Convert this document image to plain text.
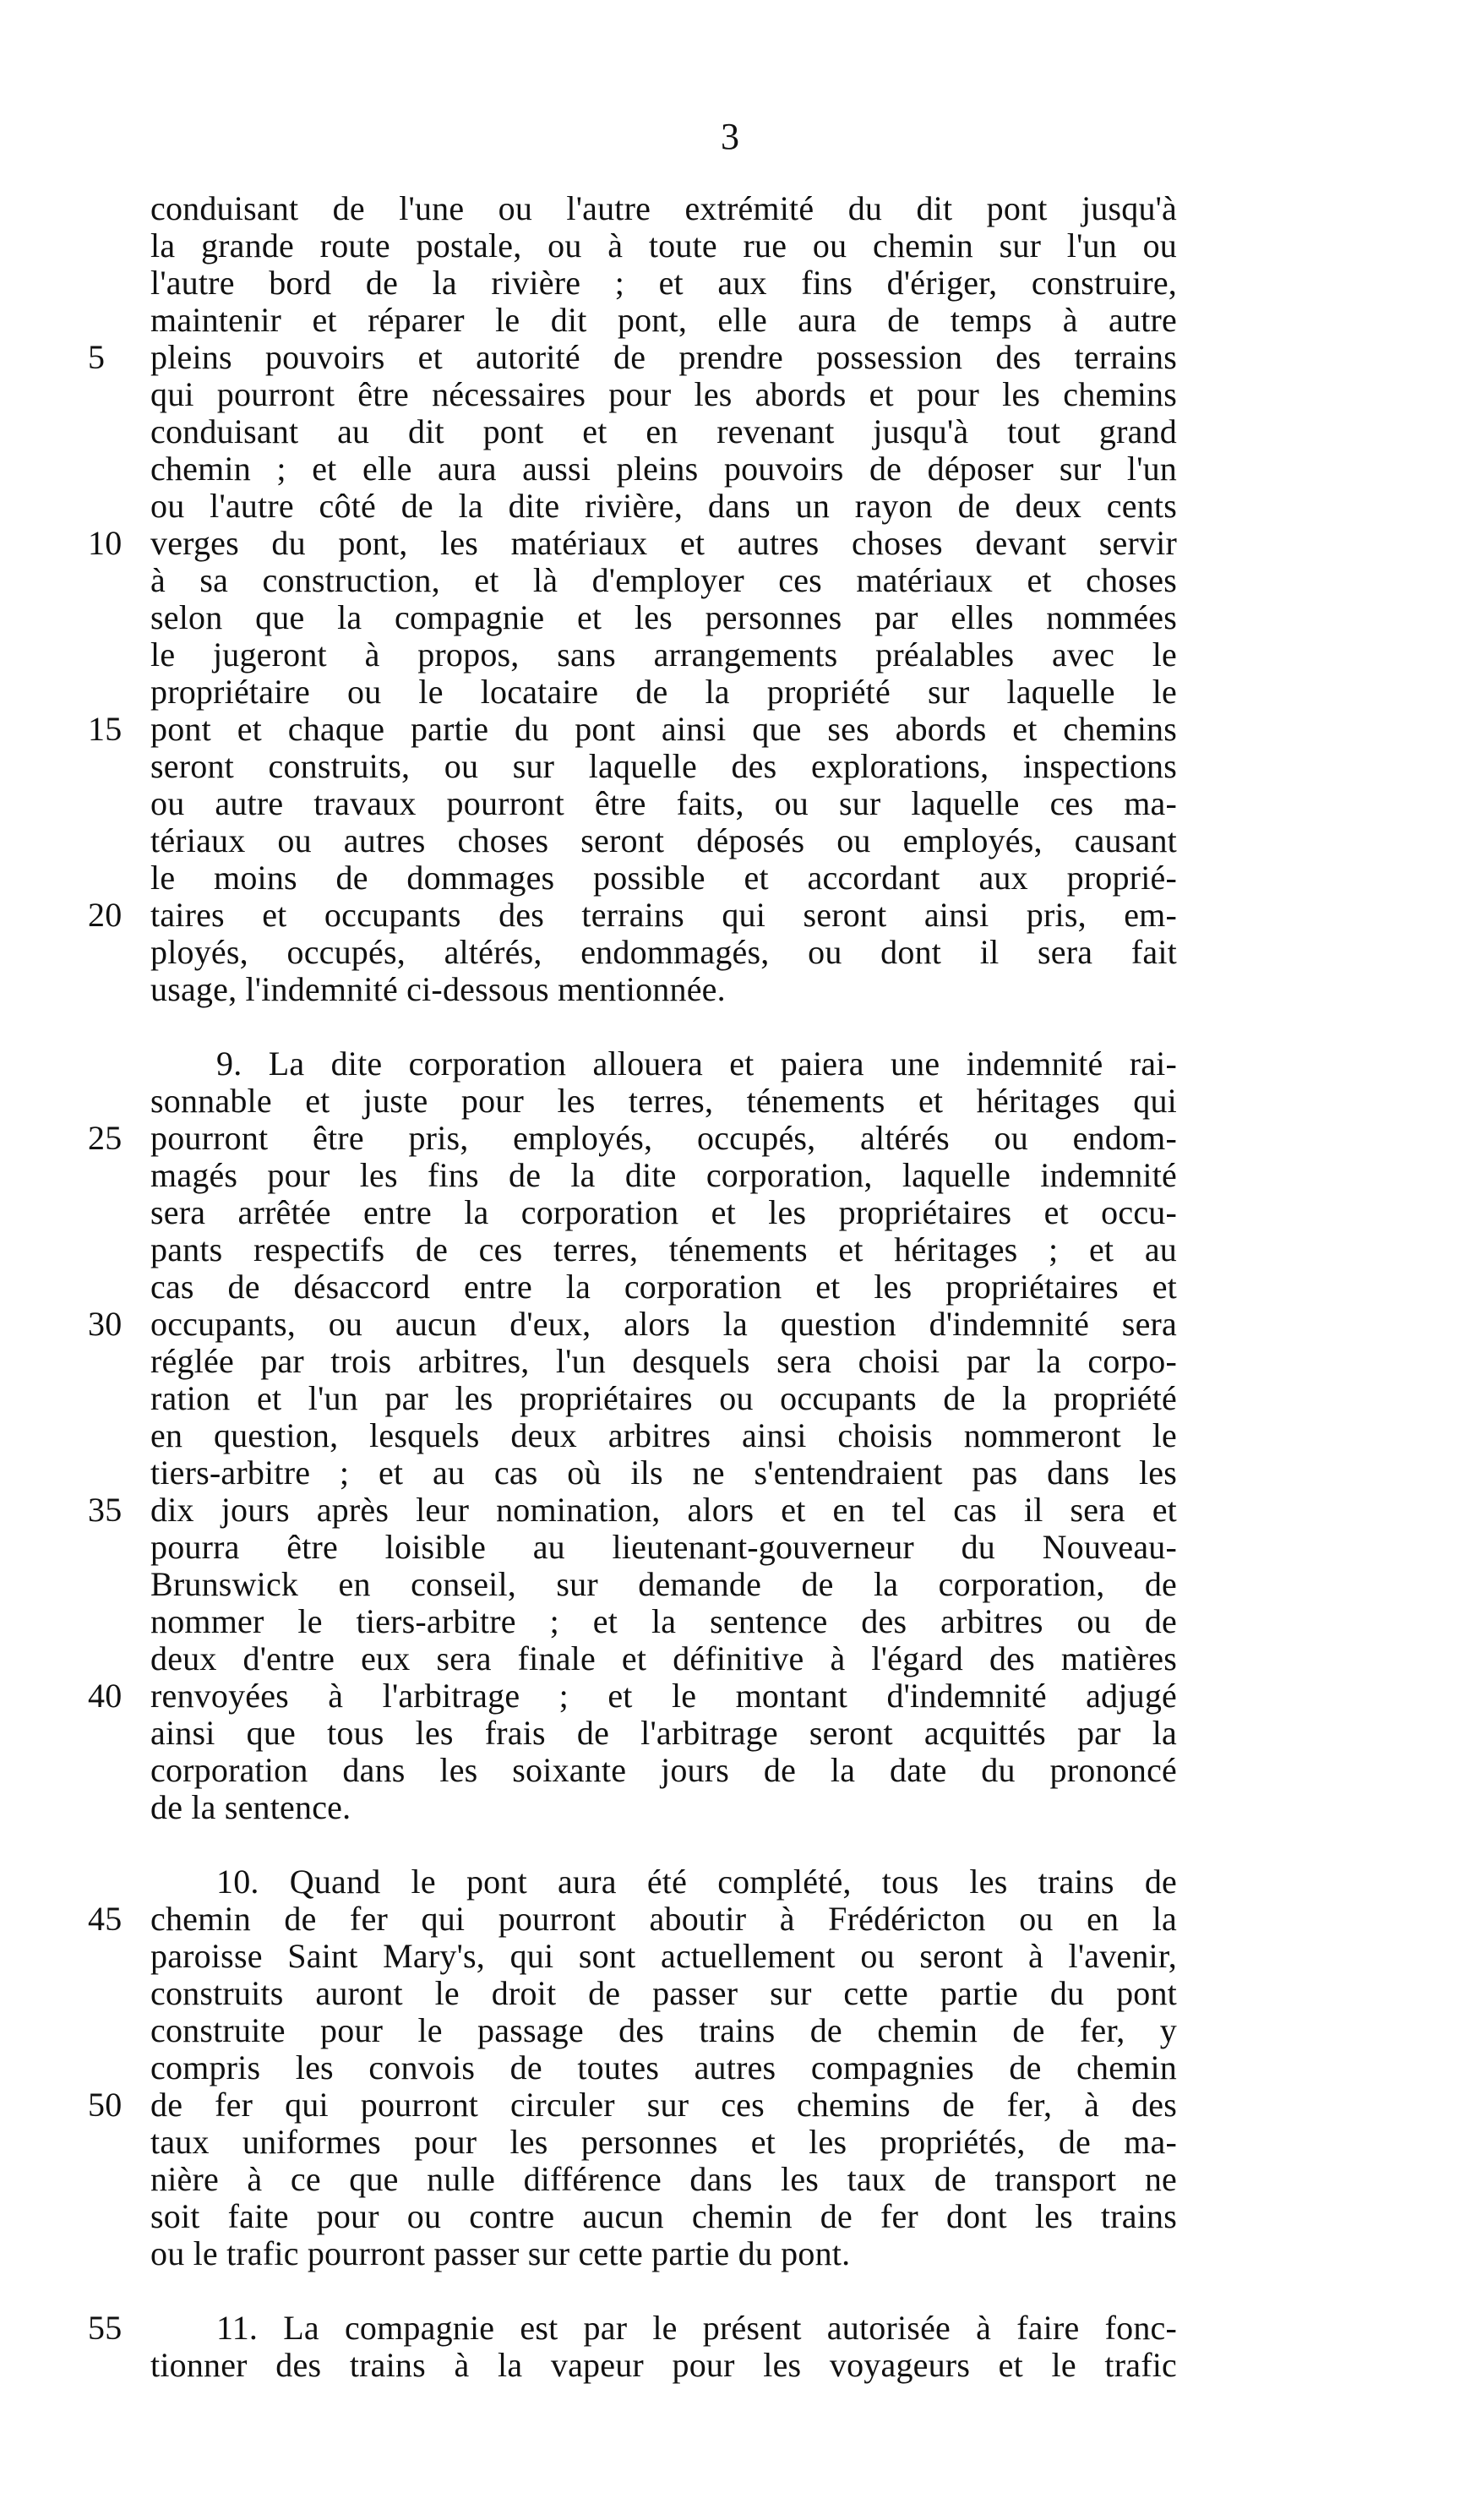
3
conduisant de l'une ou l'autre extrémité du dit pont jusqu'à
la grande route postale, ou à toute rue ou chemin sur l'un ou
l'autre bord de la rivière ; et aux fins d'ériger, construire,
maintenir et réparer le dit pont, elle aura de temps à autre
5	pleins pouvoirs et autorité de prendre possession des terrains
qui pourront être nécessaires pour les abords et pour les chemins
conduisant au dit pont et en revenant jusqu'à tout grand
chemin ; et elle aura aussi pleins pouvoirs de déposer sur l'un
ou l'autre côté de la dite rivière, dans un rayon de deux cents
10 verges du pont, les matériaux et autres choses devant servir
à sa construction, et là d'employer ces matériaux et choses
selon que la compagnie et les personnes par elles nommées
le jugeront à propos, sans arrangements préalables avec le
propriétaire ou le locataire de la propriété sur laquelle le
15 pont et chaque partie du pont ainsi que ses abords et chemins
seront construits, ou sur laquelle des explorations, inspections
ou autre travaux pourront être faits, ou sur laquelle ces ma-
tériaux ou autres choses seront déposés ou employés, causant
le moins de dommages possible et accordant aux proprié-
20 taires et occupants des terrains qui seront ainsi pris, em-
ployés, occupés, altérés, endommagés, ou dont il sera fait
usage, l'indemnité ci-dessous mentionnée.
9. La dite corporation allouera et paiera une indemnité rai-
sonnable et juste pour les terres, ténements et héritages qui
25 pourront être pris, employés, occupés, altérés ou endom-
magés pour les fins de la dite corporation, laquelle indemnité
sera arrêtée entre la corporation et les propriétaires et occu-
pants respectifs de ces terres, ténements et héritages ; et au
cas de désaccord entre la corporation et les propriétaires et
30 occupants, ou aucun d'eux, alors la question d'indemnité sera
réglée par trois arbitres, l'un desquels sera choisi par la corpo-
ration et l'un par les propriétaires ou occupants de la propriété
en question, lesquels deux arbitres ainsi choisis nommeront le
tiers-arbitre ; et au cas où ils ne s'entendraient pas dans les
35 dix jours après leur nomination, alors et en tel cas il sera et
pourra être loisible au lieutenant-gouverneur du Nouveau-
Brunswick en conseil, sur demande de la corporation, de
nommer le tiers-arbitre ; et la sentence des arbitres ou de
deux d'entre eux sera finale et définitive à l'égard des matières
40 renvoyées à l'arbitrage ; et le montant d'indemnité adjugé
ainsi que tous les frais de l'arbitrage seront acquittés par la
corporation dans les soixante jours de la date du prononcé
de la sentence.
10. Quand le pont aura été complété, tous les trains de
45 chemin de fer qui pourront aboutir à Frédéricton ou en la
paroisse Saint Mary's, qui sont actuellement ou seront à l'avenir,
construits auront le droit de passer sur cette partie du pont
construite pour le passage des trains de chemin de fer, y
compris les convois de toutes autres compagnies de chemin
50 de fer qui pourront circuler sur ces chemins de fer, à des
taux uniformes pour les personnes et les propriétés, de ma-
nière à ce que nulle différence dans les taux de transport ne
soit faite pour ou contre aucun chemin de fer dont les trains
ou le trafic pourront passer sur cette partie du pont.
55	11. La compagnie est par le présent autorisée à faire fonc-
tionner des trains à la vapeur pour les voyageurs et le trafic
